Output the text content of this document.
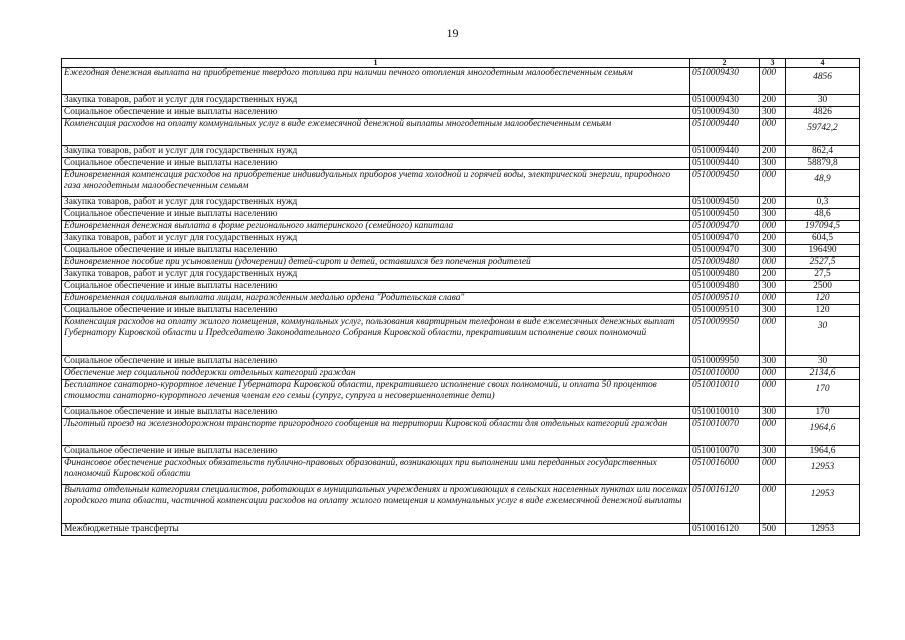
19
1	2	3	4
Ежегодная денежная выплата на приобретение твердого топлива при наличии печного отопления многодетным малообеспеченным семьям	0510009430	000	4856
Закупка товаров, работ и услуг для государственных нужд	0510009430	200	30
Социальное обеспечение и иные выплаты населению	0510009430	300	4826
Компенсация расходов на оплату коммунальных услуг в виде ежемесячной денежной выплаты многодетным малообеспеченным семьям	0510009440	000	59742,2
Закупка товаров, работ и услуг для государственных нужд	0510009440	200	862,4
Социальное обеспечение и иные выплаты населению	0510009440	300	58879,8
Единовременная компенсация расходов на приобретение индивидуальных приборов учета холодной и горячей воды, электрической энергии, природного газа многодетным малообеспеченным семьям	0510009450	000	48,9
Закупка товаров, работ и услуг для государственных нужд	0510009450	200	0,3
Социальное обеспечение и иные выплаты населению	0510009450	300	48,6
Единовременная денежная выплата в форме регионального материнского (семейного) капитала	0510009470	000	197094,5
Закупка товаров, работ и услуг для государственных нужд	0510009470	200	604,5
Социальное обеспечение и иные выплаты населению	0510009470	300	196490
Единовременное пособие при усыновлении (удочерении) детей-сирот и детей, оставшихся без попечения родителей	0510009480	000	2527,5
Закупка товаров, работ и услуг для государственных нужд	0510009480	200	27,5
Социальное обеспечение и иные выплаты населению	0510009480	300	2500
Единовременная социальная выплата лицам, награжденным медалью ордена "Родительская слава"	0510009510	000	120
Социальное обеспечение и иные выплаты населению	0510009510	300	120
Компенсация расходов на оплату жилого помещения, коммунальных услуг, пользования квартирным телефоном в виде ежемесячных денежных выплат Губернатору Кировской области и Председателю Законодательного Собрания Кировской области, прекратившим исполнение своих полномочий	0510009950	000	30
Социальное обеспечение и иные выплаты населению	0510009950	300	30
Обеспечение мер социальной поддержки отдельных категорий граждан	0510010000	000	2134,6
Бесплатное санаторно-курортное лечение Губернатора Кировской области, прекратившего исполнение своих полномочий, и оплата 50 процентов стоимости санаторно-курортного лечения членам его семьи (супруг, супруга и несовершеннолетние дети)	0510010010	000	170
Социальное обеспечение и иные выплаты населению	0510010010	300	170
Льготный проезд на железнодорожном транспорте пригородного сообщения на территории Кировской области для отдельных категорий граждан	0510010070	000	1964,6
Социальное обеспечение и иные выплаты населению	0510010070	300	1964,6
Финансовое обеспечение расходных обязательств публично-правовых образований, возникающих при выполнении ими переданных государственных полномочий Кировской области	0510016000	000	12953
Выплата отдельным категориям специалистов, работающих в муниципальных учреждениях и проживающих в сельских населенных пунктах или поселках городского типа области, частичной компенсации расходов на оплату жилого помещения и коммунальных услуг в виде ежемесячной денежной выплаты	0510016120	000	12953
Межбюджетные трансферты	0510016120	500	12953
